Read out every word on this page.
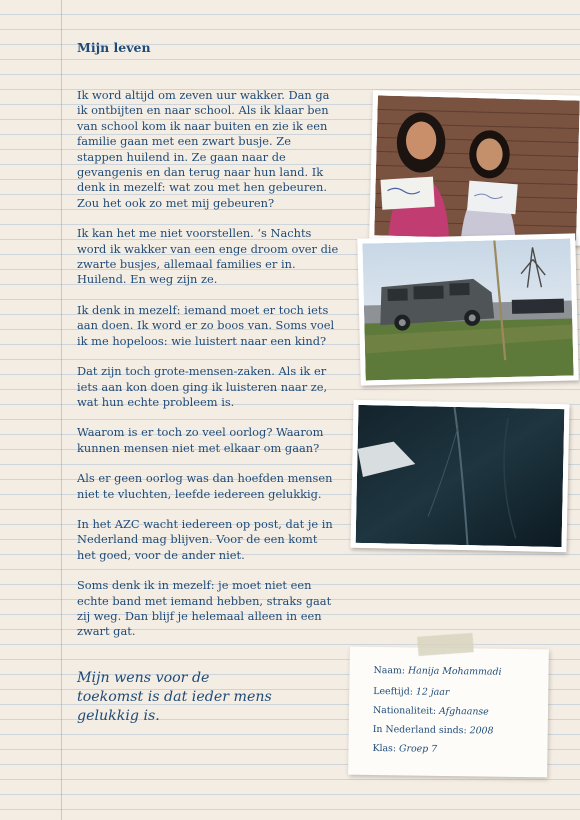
Mijn leven

Ik word altijd om zeven uur wakker. Dan ga ik ontbijten en naar school. Als ik klaar ben van school kom ik naar buiten en zie ik een familie gaan met een zwart busje. Ze stappen huilend in. Ze gaan naar de gevangenis en dan terug naar hun land. Ik denk in mezelf: wat zou met hen gebeuren. Zou het ook zo met mij gebeuren?

Ik kan het me niet voorstellen. ‘s Nachts word ik wakker van een enge droom over die zwarte busjes, allemaal families er in. Huilend. En weg zijn ze.

Ik denk in mezelf: iemand moet er toch iets aan doen. Ik word er zo boos van. Soms voel ik me hopeloos: wie luistert naar een kind?

Dat zijn toch grote-mensen-zaken. Als ik er iets aan kon doen ging ik luisteren naar ze, wat hun echte probleem is.

Waarom is er toch zo veel oorlog? Waarom kunnen mensen niet met elkaar om gaan?

Als er geen oorlog was dan hoefden mensen niet te vluchten, leefde iedereen gelukkig.

In het AZC wacht iedereen op post, dat je in Nederland mag blijven. Voor de een komt het goed, voor de ander niet.

Soms denk ik in mezelf: je moet niet een echte band met iemand hebben, straks gaat zij weg. Dan blijf je helemaal alleen in een zwart gat.

Mijn wens voor de toekomst is dat ieder mens gelukkig is.
Naam: Hanija Mohammadi
Leeftijd: 12 jaar
Nationaliteit: Afghaanse
In Nederland sinds: 2008
Klas: Groep 7
